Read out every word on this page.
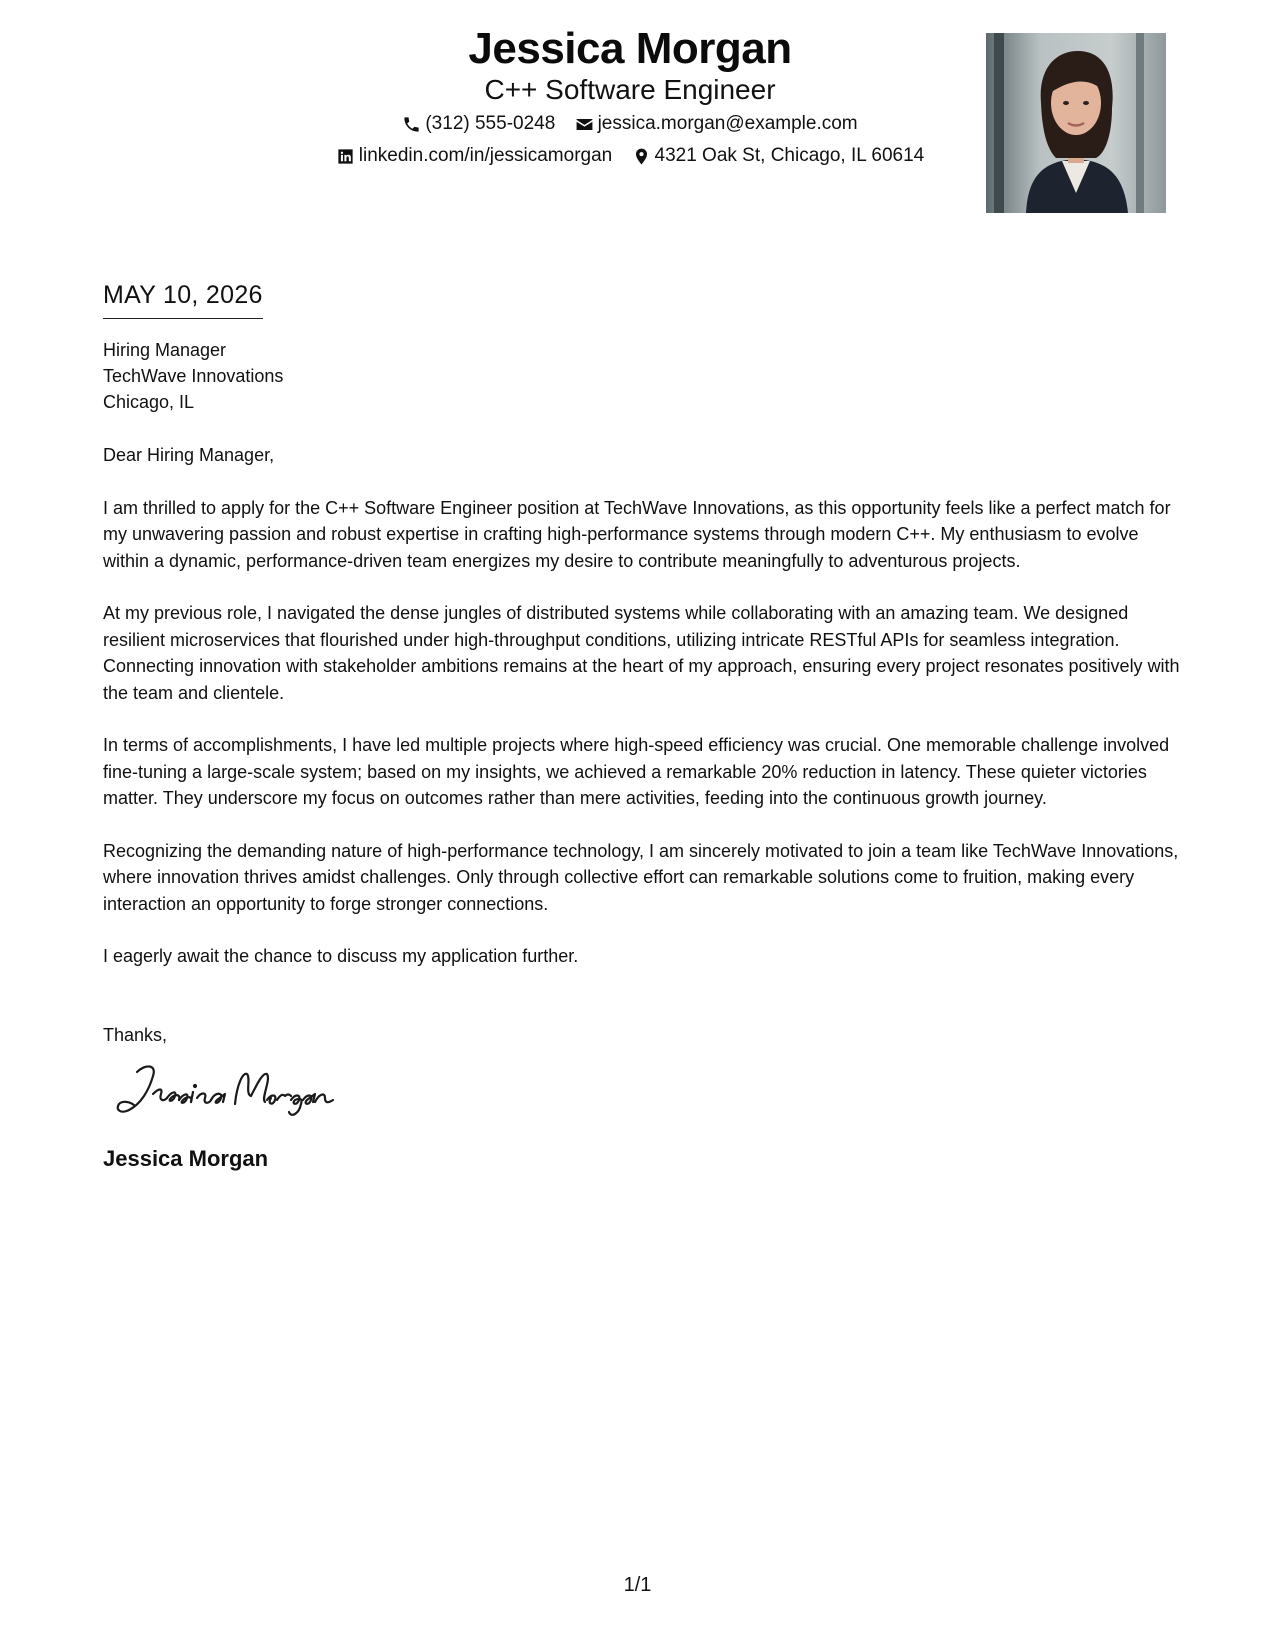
Jessica Morgan
C++ Software Engineer
(312) 555-0248
jessica.morgan@example.com
linkedin.com/in/jessicamorgan
4321 Oak St, Chicago, IL 60614
MAY 10, 2026
Hiring Manager
TechWave Innovations
Chicago, IL

Dear Hiring Manager,

I am thrilled to apply for the C++ Software Engineer position at TechWave Innovations, as this opportunity feels like a perfect match for my unwavering passion and robust expertise in crafting high-performance systems through modern C++. My enthusiasm to evolve within a dynamic, performance-driven team energizes my desire to contribute meaningfully to adventurous projects.

At my previous role, I navigated the dense jungles of distributed systems while collaborating with an amazing team. We designed resilient microservices that flourished under high-throughput conditions, utilizing intricate RESTful APIs for seamless integration. Connecting innovation with stakeholder ambitions remains at the heart of my approach, ensuring every project resonates positively with the team and clientele.

In terms of accomplishments, I have led multiple projects where high-speed efficiency was crucial. One memorable challenge involved fine-tuning a large-scale system; based on my insights, we achieved a remarkable 20% reduction in latency. These quieter victories matter. They underscore my focus on outcomes rather than mere activities, feeding into the continuous growth journey.

Recognizing the demanding nature of high-performance technology, I am sincerely motivated to join a team like TechWave Innovations, where innovation thrives amidst challenges. Only through collective effort can remarkable solutions come to fruition, making every interaction an opportunity to forge stronger connections.

I eagerly await the chance to discuss my application further.

Thanks,
Jessica Morgan
1/1
